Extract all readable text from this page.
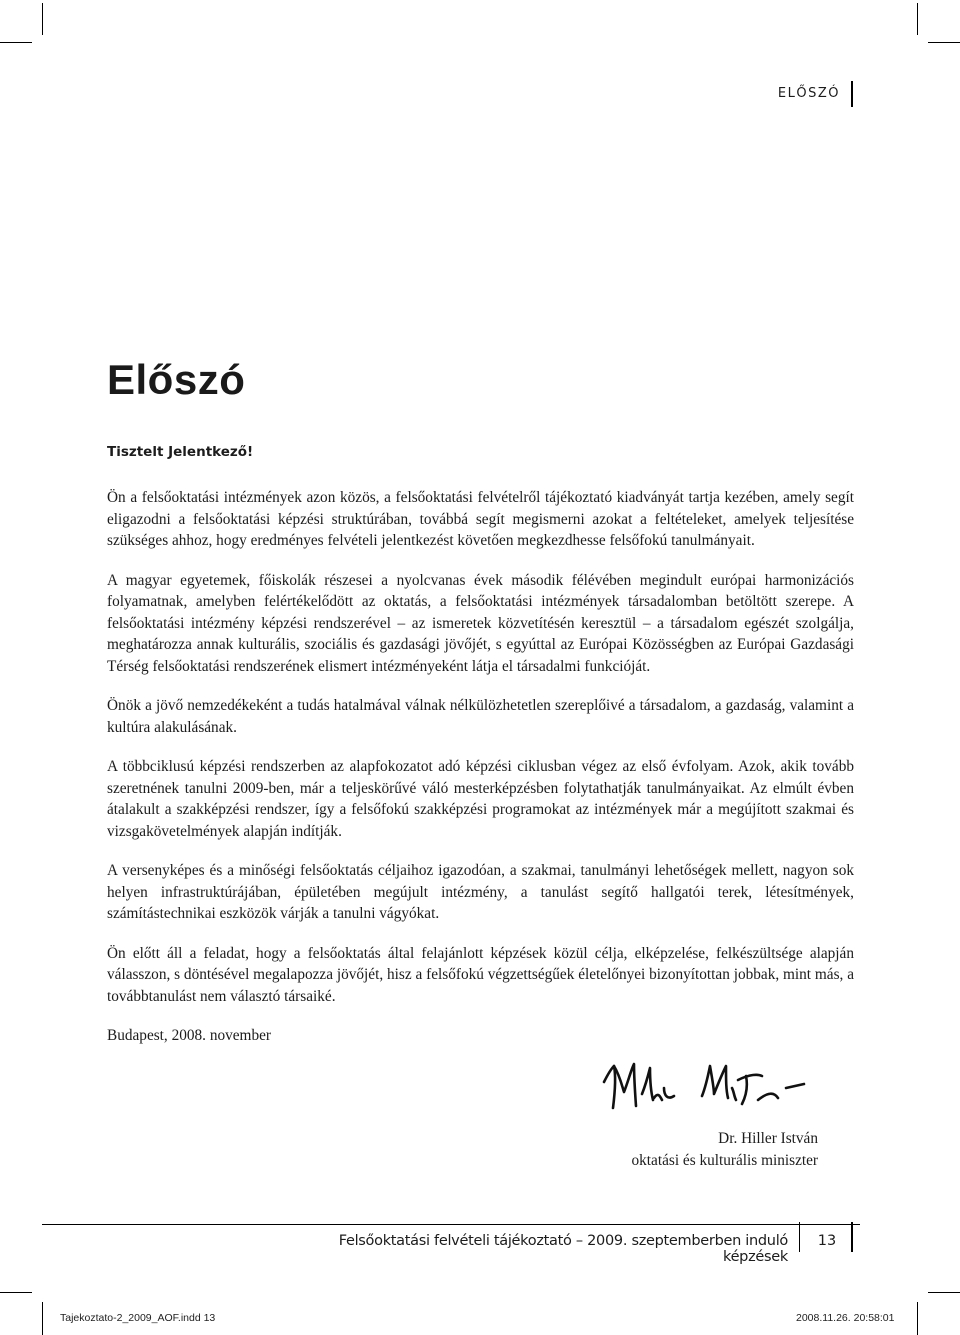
ELŐSZÓ
Előszó
Tisztelt Jelentkező!

Ön a felsőoktatási intézmények azon közös, a felsőoktatási felvételről tájékoztató kiadványát tartja kezében, amely segít eligazodni a felsőoktatási képzési struktúrában, továbbá segít megismerni azokat a feltételeket, amelyek teljesítése szükséges ahhoz, hogy eredményes felvételi jelentkezést követően megkezdhesse felsőfokú tanulmányait.

A magyar egyetemek, főiskolák részesei a nyolcvanas évek második félévében megindult európai harmonizációs folyamatnak, amelyben felértékelődött az oktatás, a felsőoktatási intézmények társadalomban betöltött szerepe. A felsőoktatási intézmény képzési rendszerével – az ismeretek közvetítésén keresztül – a társadalom egészét szolgálja, meghatározza annak kulturális, szociális és gazdasági jövőjét, s egyúttal az Európai Közösségben az Európai Gazdasági Térség felsőoktatási rendszerének elismert intézményeként látja el társadalmi funkcióját.

Önök a jövő nemzedékeként a tudás hatalmával válnak nélkülözhetetlen szereplőivé a társadalom, a gazdaság, valamint a kultúra alakulásának.

A többciklusú képzési rendszerben az alapfokozatot adó képzési ciklusban végez az első évfolyam. Azok, akik tovább szeretnének tanulni 2009-ben, már a teljeskörűvé váló mesterképzésben folytathatják tanulmányaikat. Az elmúlt évben átalakult a szakképzési rendszer, így a felsőfokú szakképzési programokat az intézmények már a megújított szakmai és vizsgakövetelmények alapján indítják.

A versenyképes és a minőségi felsőoktatás céljaihoz igazodóan, a szakmai, tanulmányi lehetőségek mellett, nagyon sok helyen infrastruktúrájában, épületében megújult intézmény, a tanulást segítő hallgatói terek, létesítmények, számítástechnikai eszközök várják a tanulni vágyókat.

Ön előtt áll a feladat, hogy a felsőoktatás által felajánlott képzések közül célja, elképzelése, felkészültsége alapján válasszon, s döntésével megalapozza jövőjét, hisz a felsőfokú végzettségűek életelőnyei bizonyítottan jobbak, mint más, a továbbtanulást nem választó társaiké.

Budapest, 2008. november

Dr. Hiller István
oktatási és kulturális miniszter
Felsőoktatási felvételi tájékoztató – 2009. szeptemberben induló képzések
13
Tajekoztato-2_2009_AOF.indd 13	2008.11.26. 20:58:01
